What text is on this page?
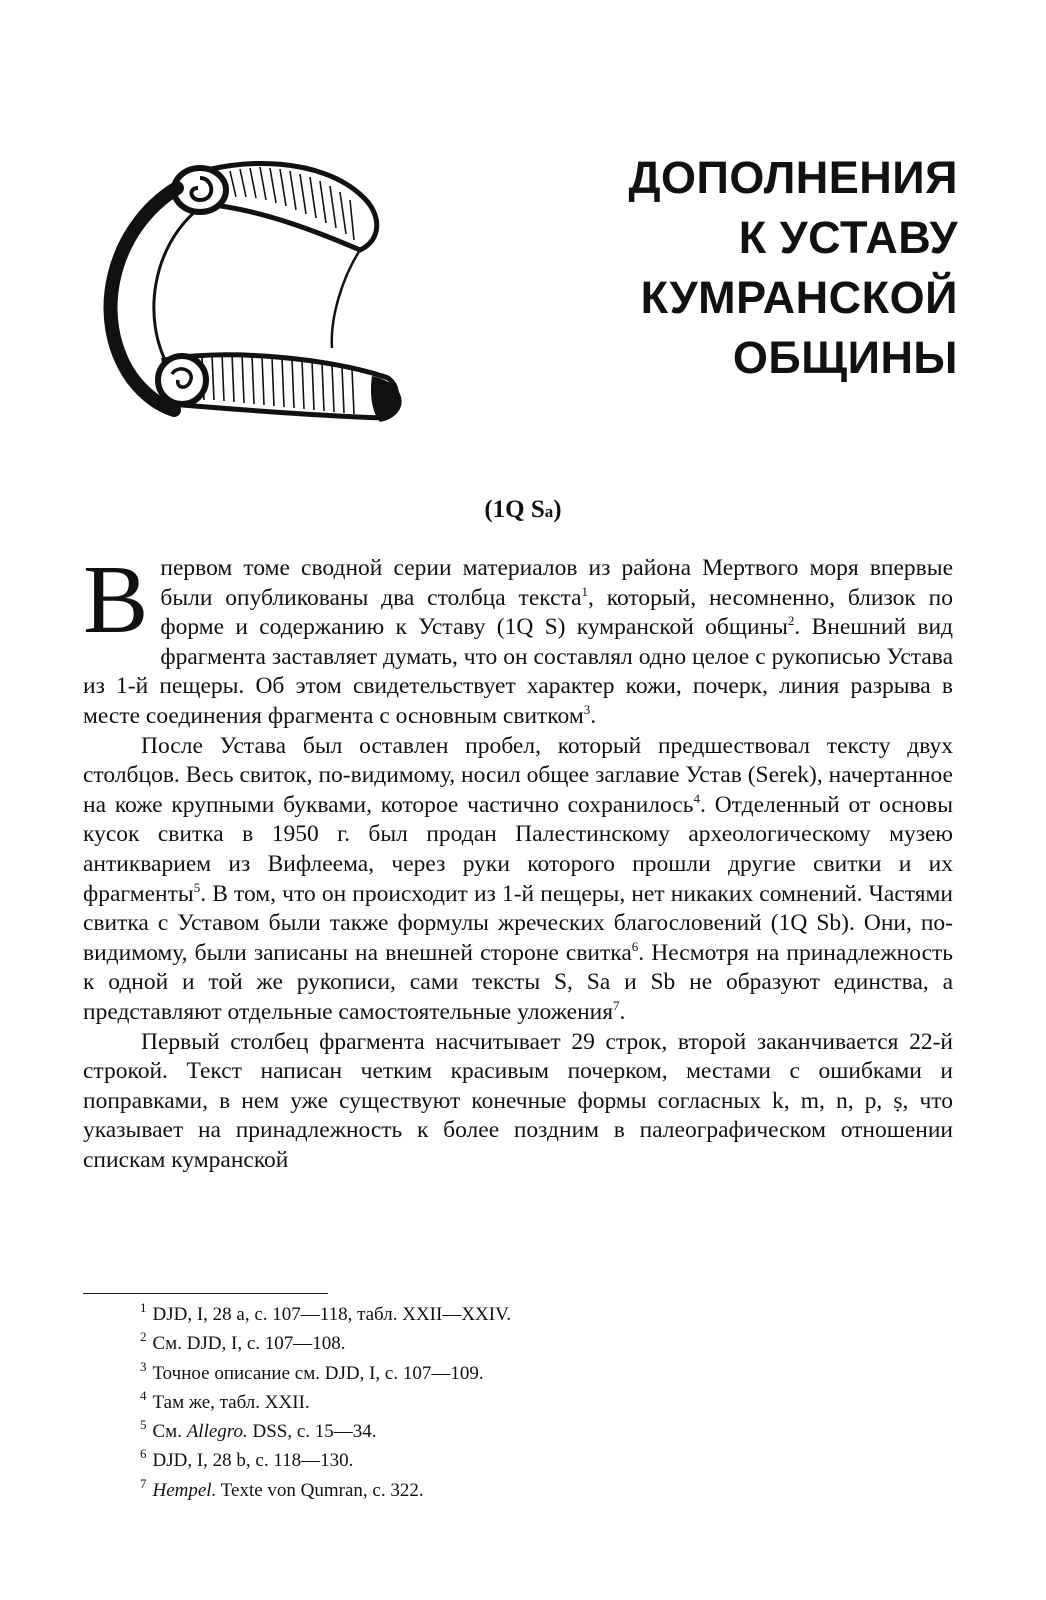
ДОПОЛНЕНИЯ
К УСТАВУ
КУМРАНСКОЙ
ОБЩИНЫ
(1Q Sa)

Впервом томе сводной серии материалов из района Мертвого моря впервые были опубликованы два столбца текста$^1$, который, несомненно, близок по форме и содержанию к Уставу (1Q S) кумранской общины$^2$. Внешний вид фрагмента заставляет думать, что он составлял одно целое с рукописью Устава из 1-й пещеры. Об этом свидетельствует характер кожи, почерк, линия разрыва в месте соединения фрагмента с основным свитком$^3$.

После Устава был оставлен пробел, который предшествовал тексту двух столбцов. Весь свиток, по-видимому, носил общее заглавие Устав (Serek), начертанное на коже крупными буквами, которое частично сохранилось$^4$. Отделенный от основы кусок свитка в 1950 г. был продан Палестинскому археологическому музею антикварием из Вифлеема, через руки которого прошли другие свитки и их фрагменты$^5$. В том, что он происходит из 1-й пещеры, нет никаких сомнений. Частями свитка с Уставом были также формулы жреческих благословений (1Q Sb). Они, по-видимому, были записаны на внешней стороне свитка$^6$. Несмотря на принадлежность к одной и той же рукописи, сами тексты S, Sa и Sb не образуют единства, а представляют отдельные самостоятельные уложения$^7$.

Первый столбец фрагмента насчитывает 29 строк, второй заканчивается 22-й строкой. Текст написан четким красивым почерком, местами с ошибками и поправками, в нем уже существуют конечные формы согласных k, m, n, p, ṣ, что указывает на принадлежность к более поздним в палеографическом отношении спискам кумранской

$^1$ DJD, I, 28 a, с. 107—118, табл. XXII—XXIV.
$^2$ См. DJD, I, с. 107—108.
$^3$ Точное описание см. DJD, I, с. 107—109.
$^4$ Там же, табл. XXII.
$^5$ См. Allegro. DSS, с. 15—34.
$^6$ DJD, I, 28 b, с. 118—130.
$^7$ Hempel. Texte von Qumran, с. 322.
